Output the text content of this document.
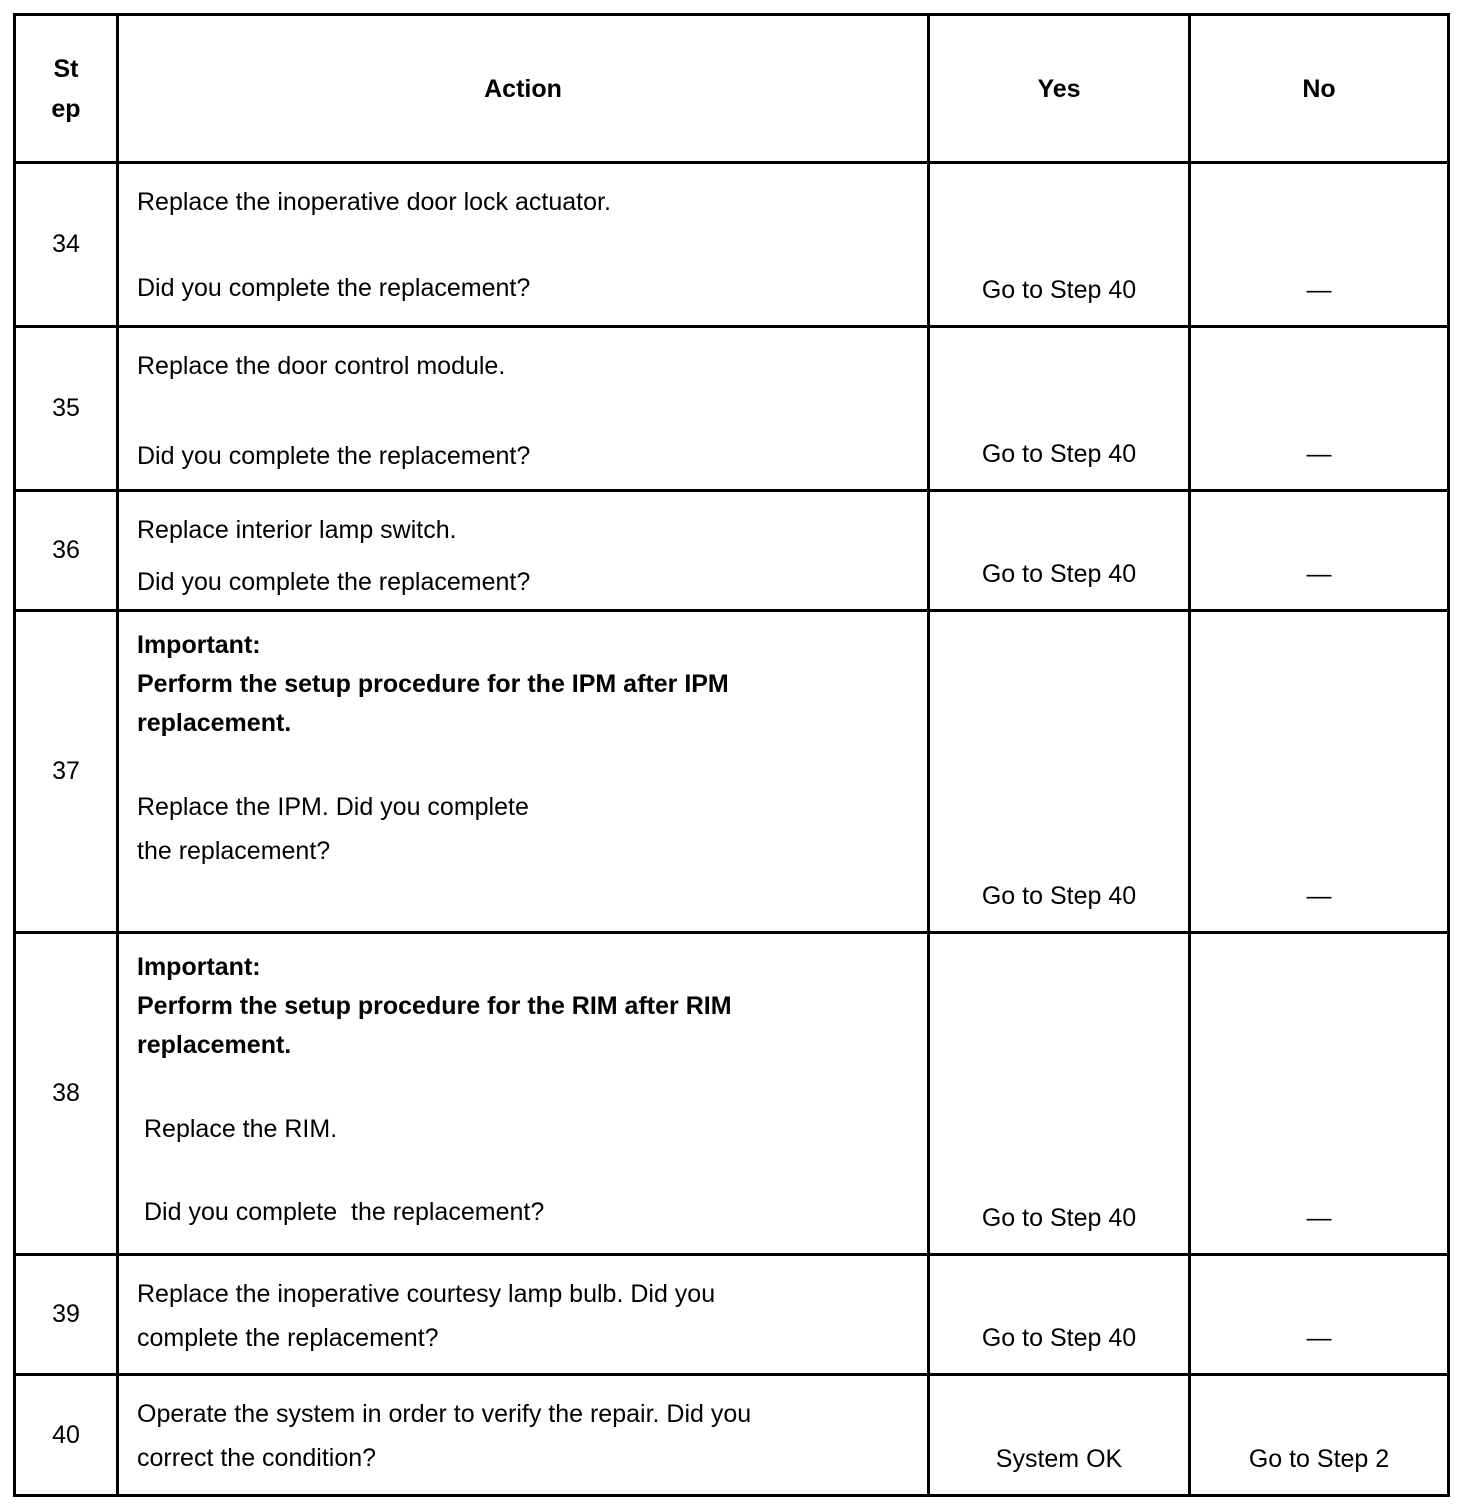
St
ep	Action	Yes	No
34	Replace the inoperative door lock actuator.
Did you complete the replacement?	Go to Step 40	—

35	Replace the door control module.
Did you complete the replacement?	Go to Step 40	—

36	Replace interior lamp switch.
Did you complete the replacement?	Go to Step 40	—

37	Important:
Perform the setup procedure for the IPM after IPM
replacement.
Replace the IPM. Did you complete
the replacement?	Go to Step 40	—

38	Important:
Perform the setup procedure for the RIM after RIM
replacement.
Replace the RIM.
Did you complete  the replacement?	Go to Step 40	—

39	Replace the inoperative courtesy lamp bulb. Did you
complete the replacement?	Go to Step 40	—

40	Operate the system in order to verify the repair. Did you
correct the condition?	System OK	Go to Step 2
